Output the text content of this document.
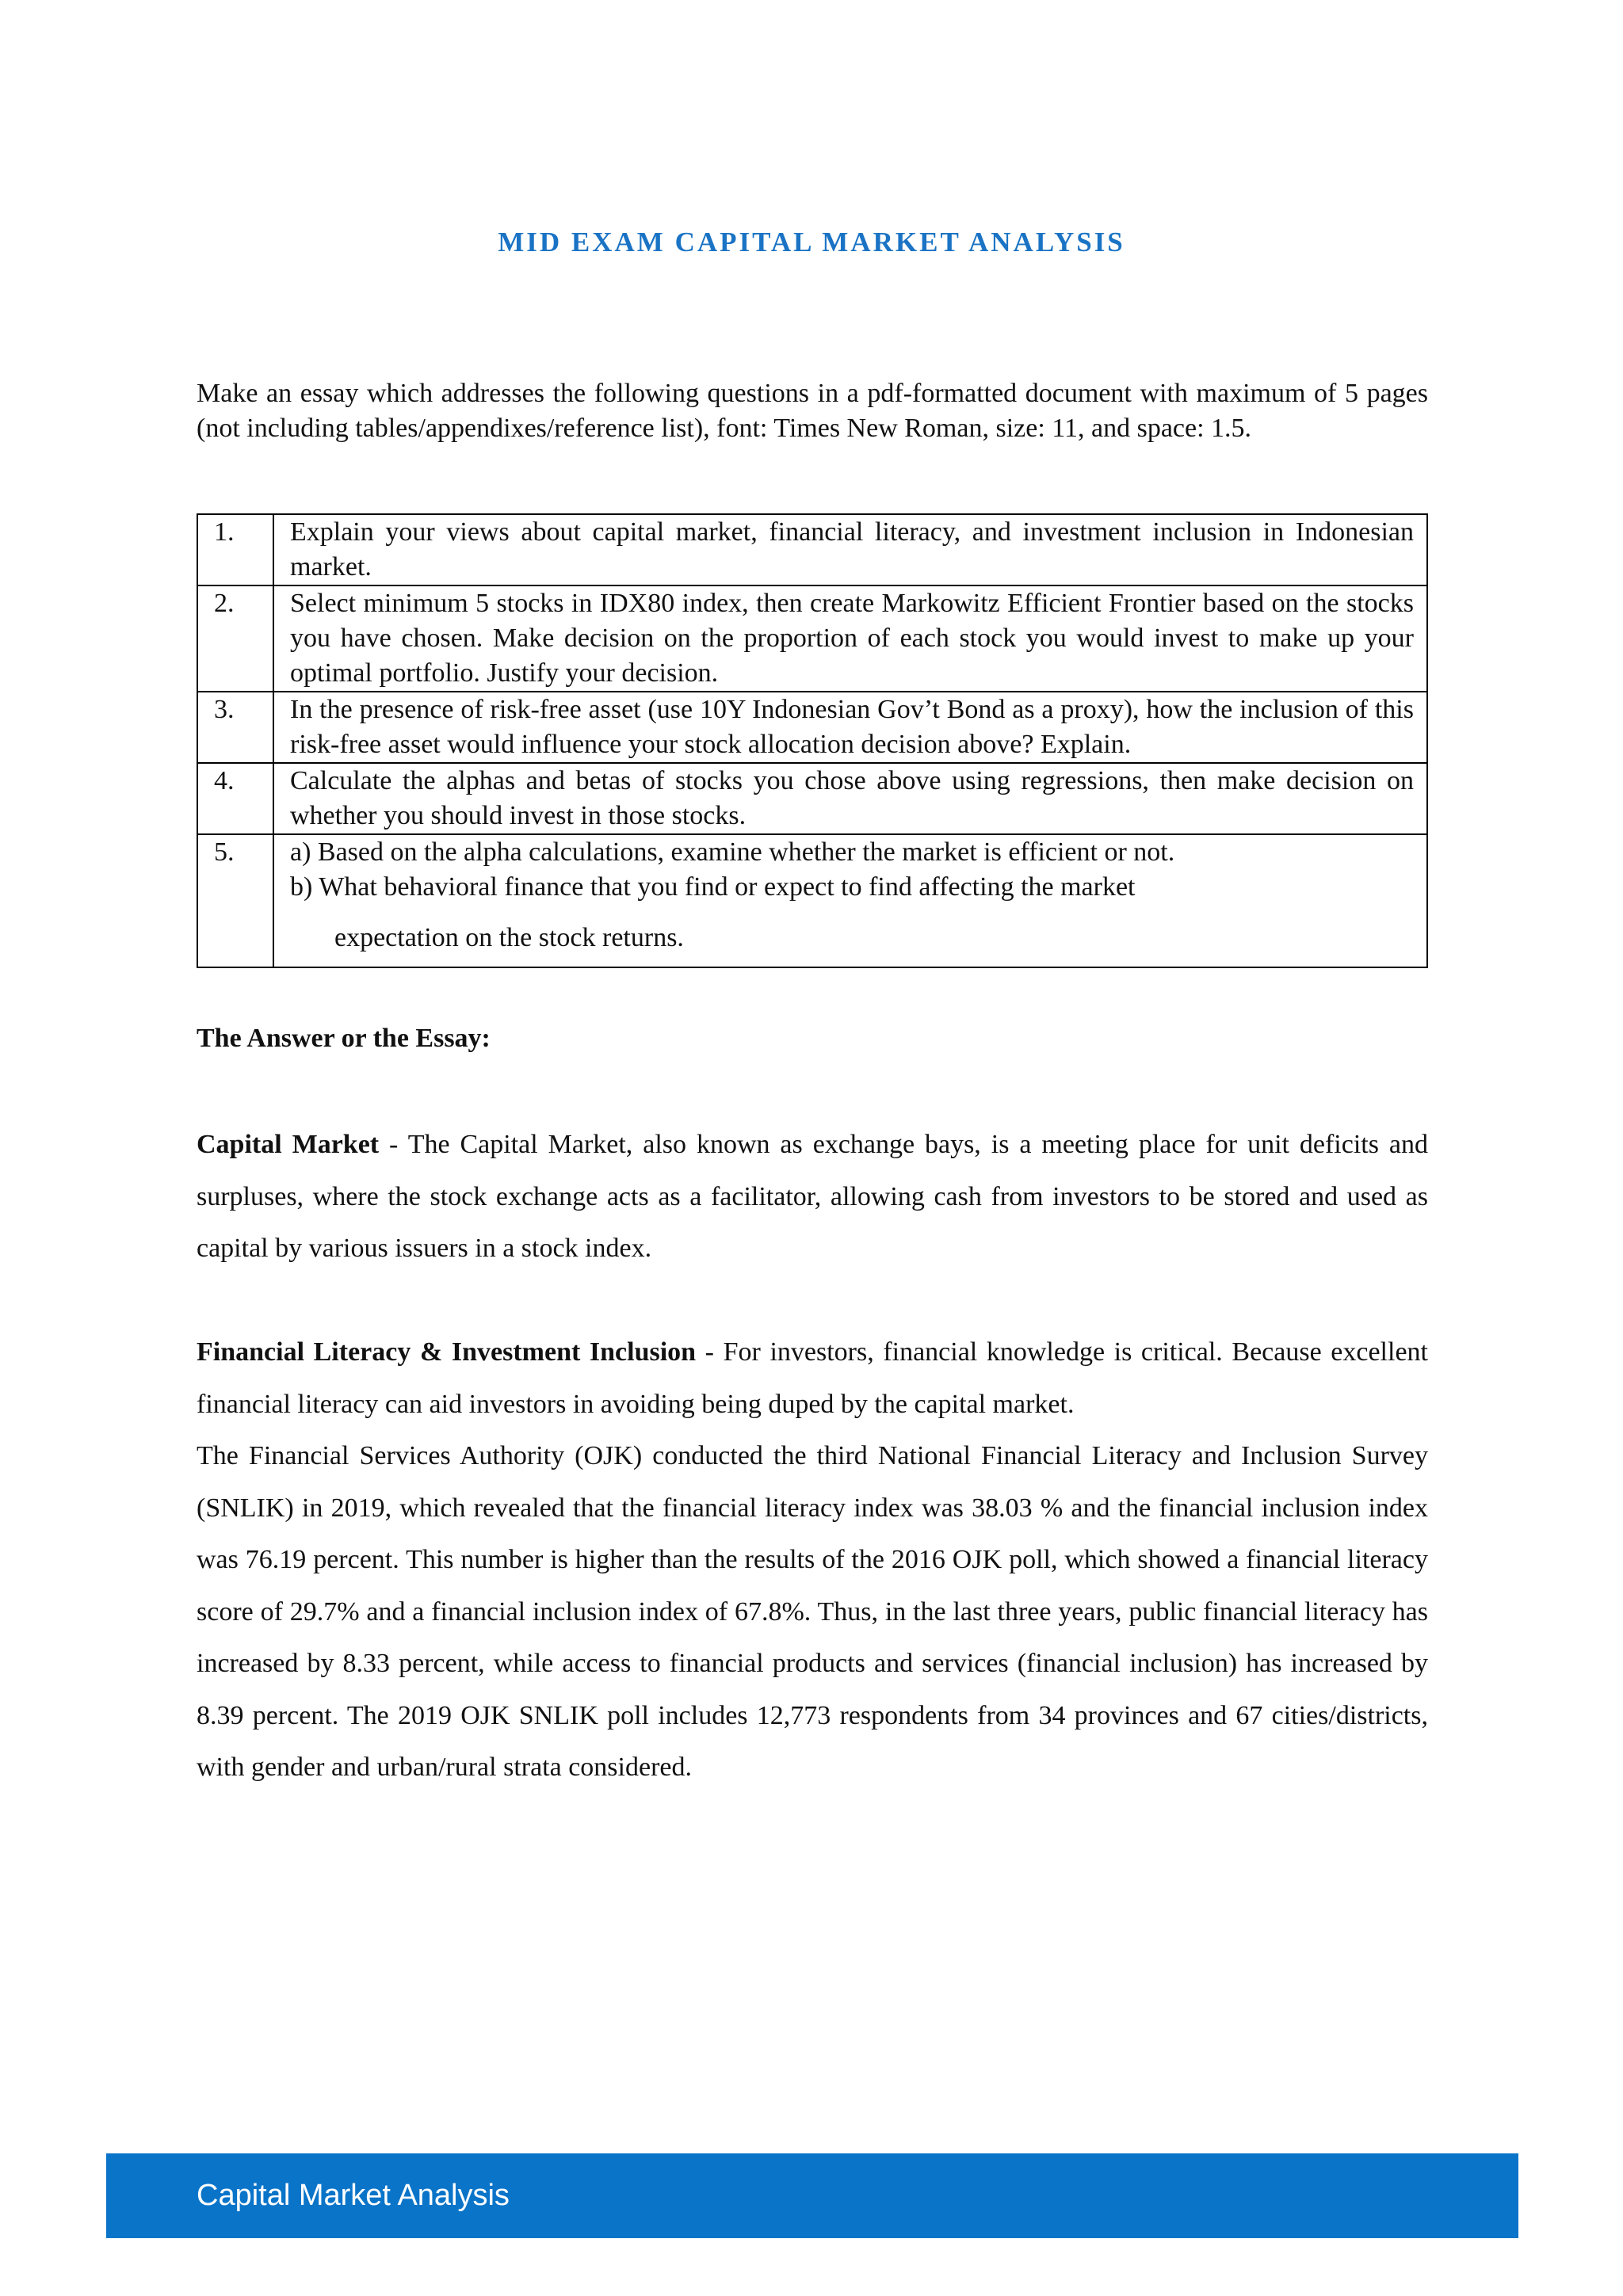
MID EXAM CAPITAL MARKET ANALYSIS
Make an essay which addresses the following questions in a pdf-formatted document with maximum of 5 pages (not including tables/appendixes/reference list), font: Times New Roman, size: 11, and space: 1.5.
1.	Explain your views about capital market, financial literacy, and investment inclusion in Indonesian market.
2.	Select minimum 5 stocks in IDX80 index, then create Markowitz Efficient Frontier based on the stocks you have chosen. Make decision on the proportion of each stock you would invest to make up your optimal portfolio. Justify your decision.
3.	In the presence of risk-free asset (use 10Y Indonesian Gov’t Bond as a proxy), how the inclusion of this risk-free asset would influence your stock allocation decision above? Explain.
4.	Calculate the alphas and betas of stocks you chose above using regressions, then make decision on whether you should invest in those stocks.
5.	a) Based on the alpha calculations, examine whether the market is efficient or not.
b) What behavioral finance that you find or expect to find affecting the market
expectation on the stock returns.
The Answer or the Essay:
Capital Market - The Capital Market, also known as exchange bays, is a meeting place for unit deficits and surpluses, where the stock exchange acts as a facilitator, allowing cash from investors to be stored and used as capital by various issuers in a stock index.
Financial Literacy & Investment Inclusion - For investors, financial knowledge is critical. Because excellent financial literacy can aid investors in avoiding being duped by the capital market.
The Financial Services Authority (OJK) conducted the third National Financial Literacy and Inclusion Survey (SNLIK) in 2019, which revealed that the financial literacy index was 38.03 % and the financial inclusion index was 76.19 percent. This number is higher than the results of the 2016 OJK poll, which showed a financial literacy score of 29.7% and a financial inclusion index of 67.8%. Thus, in the last three years, public financial literacy has increased by 8.33 percent, while access to financial products and services (financial inclusion) has increased by 8.39 percent. The 2019 OJK SNLIK poll includes 12,773 respondents from 34 provinces and 67 cities/districts, with gender and urban/rural strata considered.
Capital Market Analysis
